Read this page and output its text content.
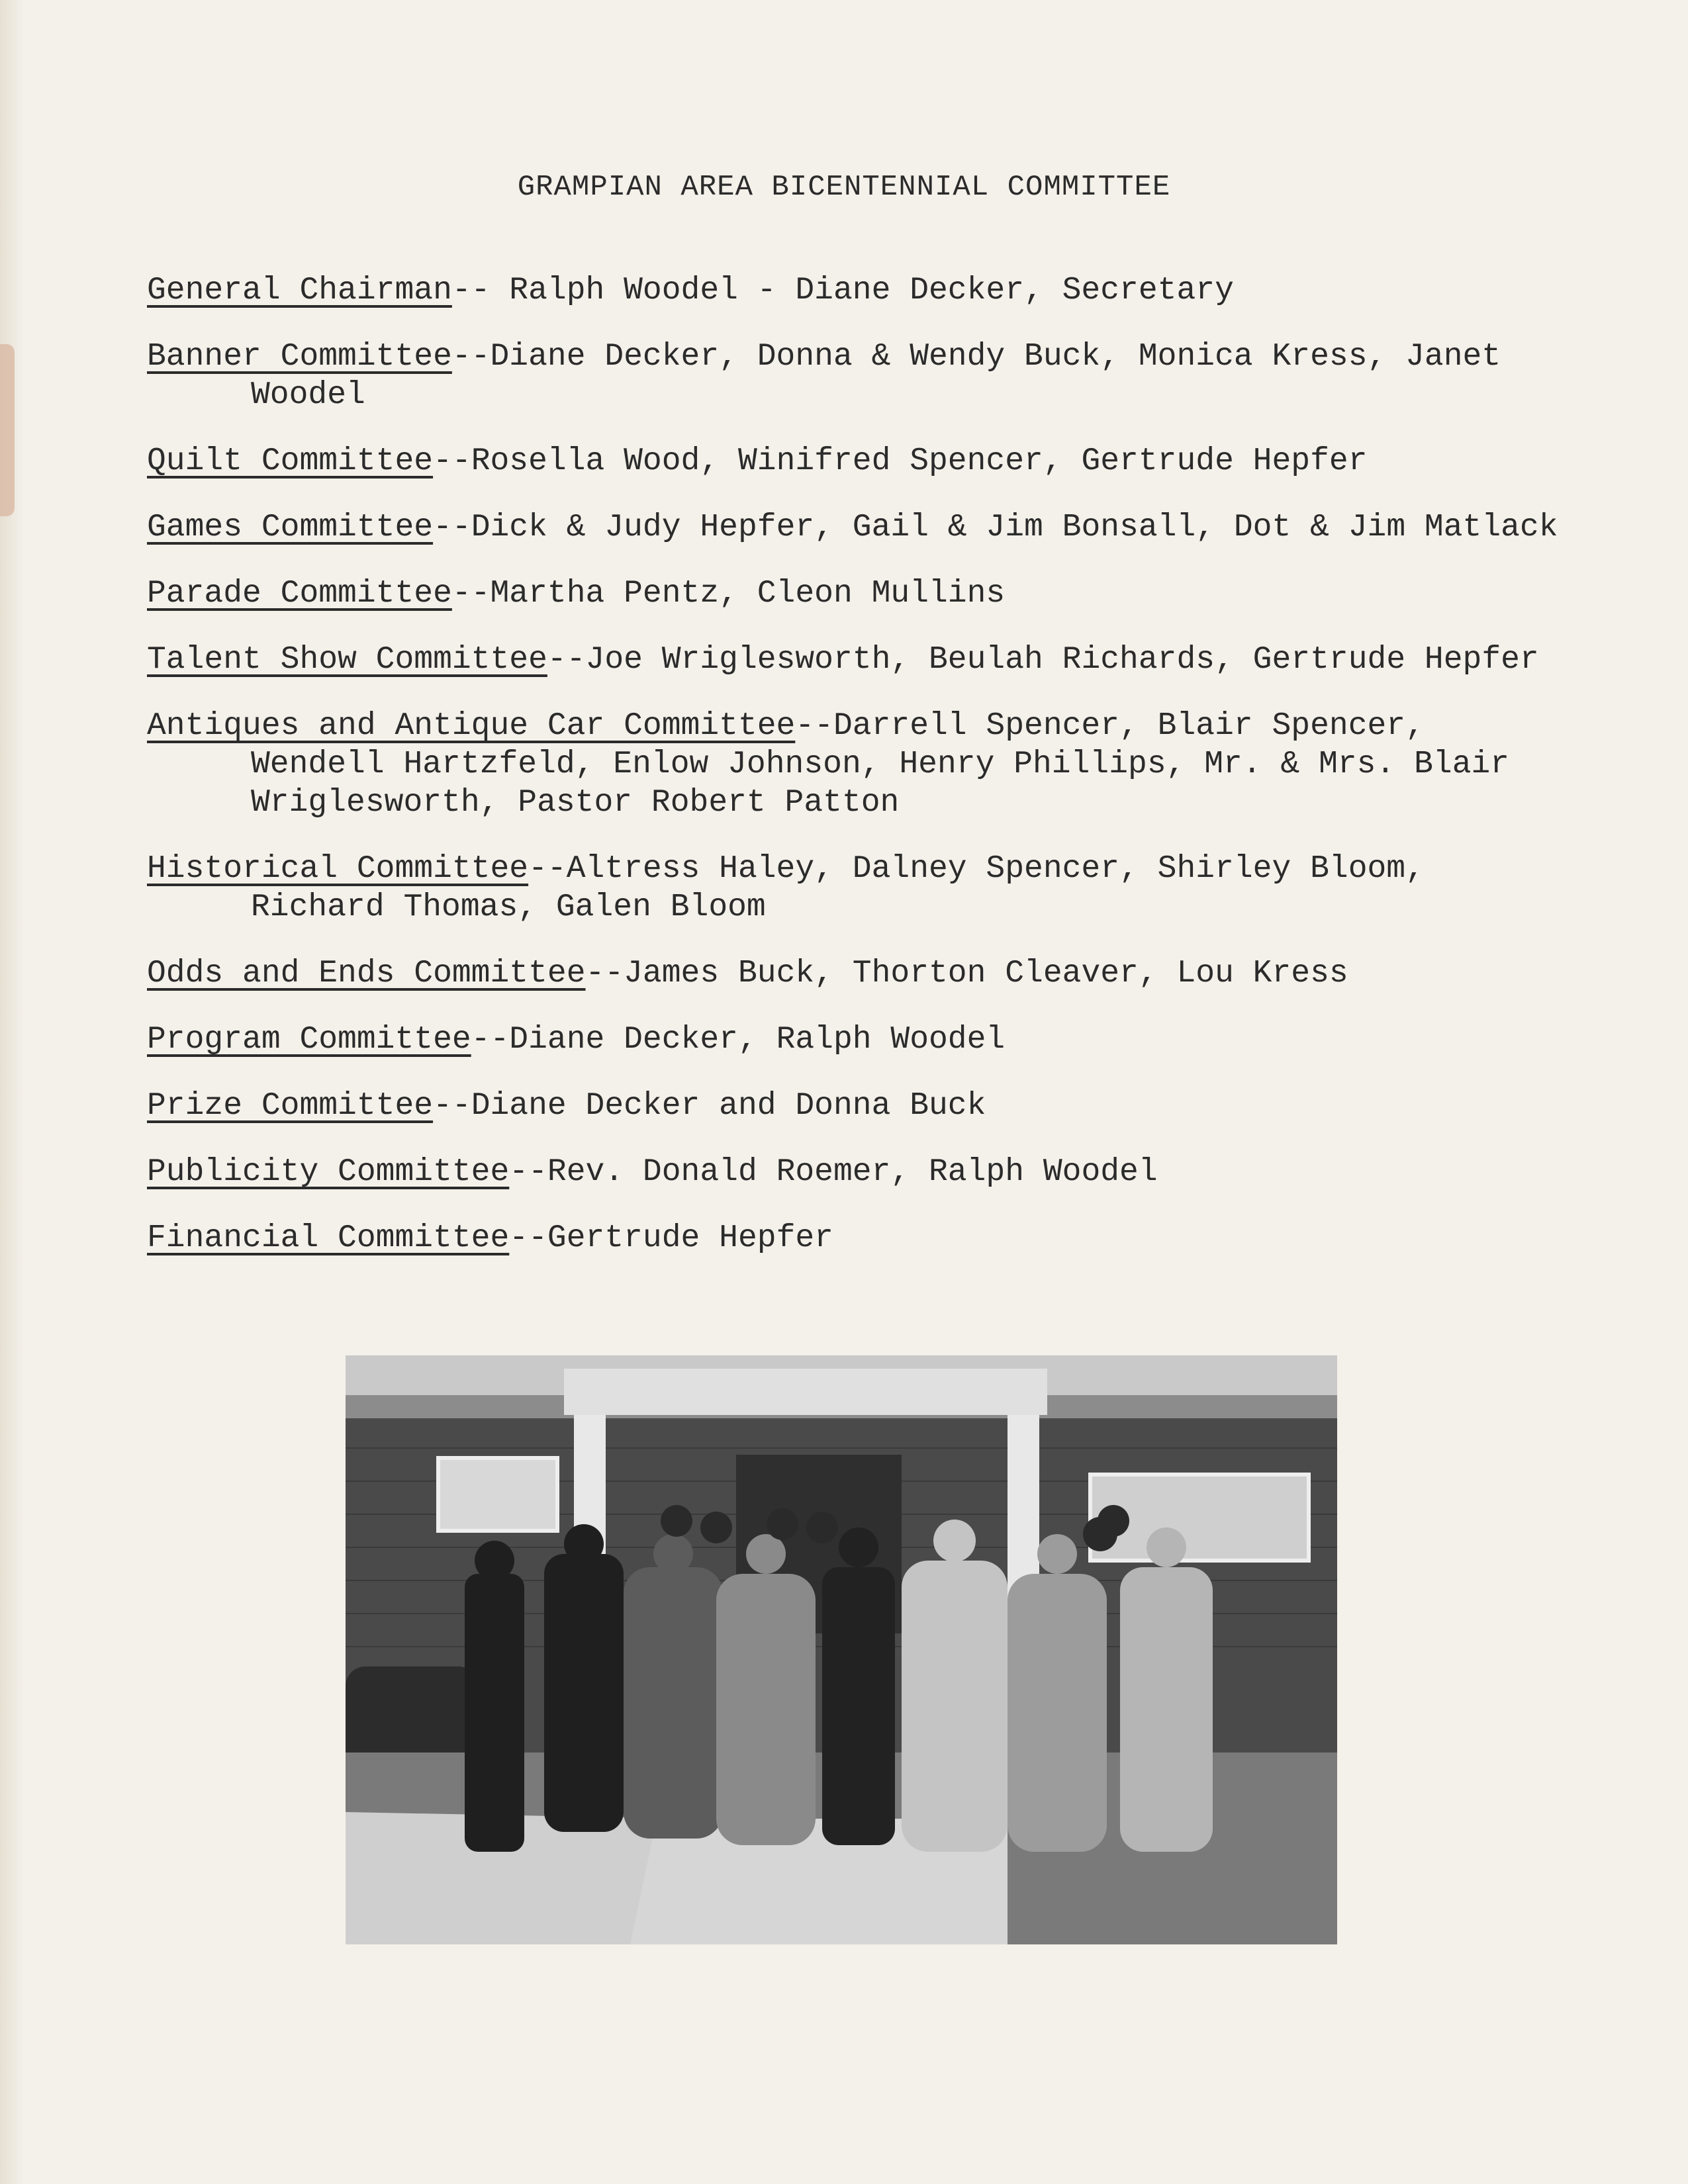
GRAMPIAN AREA BICENTENNIAL COMMITTEE
General Chairman-- Ralph Woodel - Diane Decker, Secretary
Banner Committee--Diane Decker, Donna & Wendy Buck, Monica Kress, Janet
Woodel
Quilt Committee--Rosella Wood, Winifred Spencer, Gertrude Hepfer
Games Committee--Dick & Judy Hepfer, Gail & Jim Bonsall, Dot & Jim Matlack
Parade Committee--Martha Pentz, Cleon Mullins
Talent Show Committee--Joe Wriglesworth, Beulah Richards, Gertrude Hepfer
Antiques and Antique Car Committee--Darrell Spencer, Blair Spencer,
Wendell Hartzfeld, Enlow Johnson, Henry Phillips, Mr. & Mrs. Blair Wriglesworth, Pastor Robert Patton
Historical Committee--Altress Haley, Dalney Spencer, Shirley Bloom,
Richard Thomas, Galen Bloom
Odds and Ends Committee--James Buck, Thorton Cleaver, Lou Kress
Program Committee--Diane Decker, Ralph Woodel
Prize Committee--Diane Decker and Donna Buck
Publicity Committee--Rev. Donald Roemer, Ralph Woodel
Financial Committee--Gertrude Hepfer
